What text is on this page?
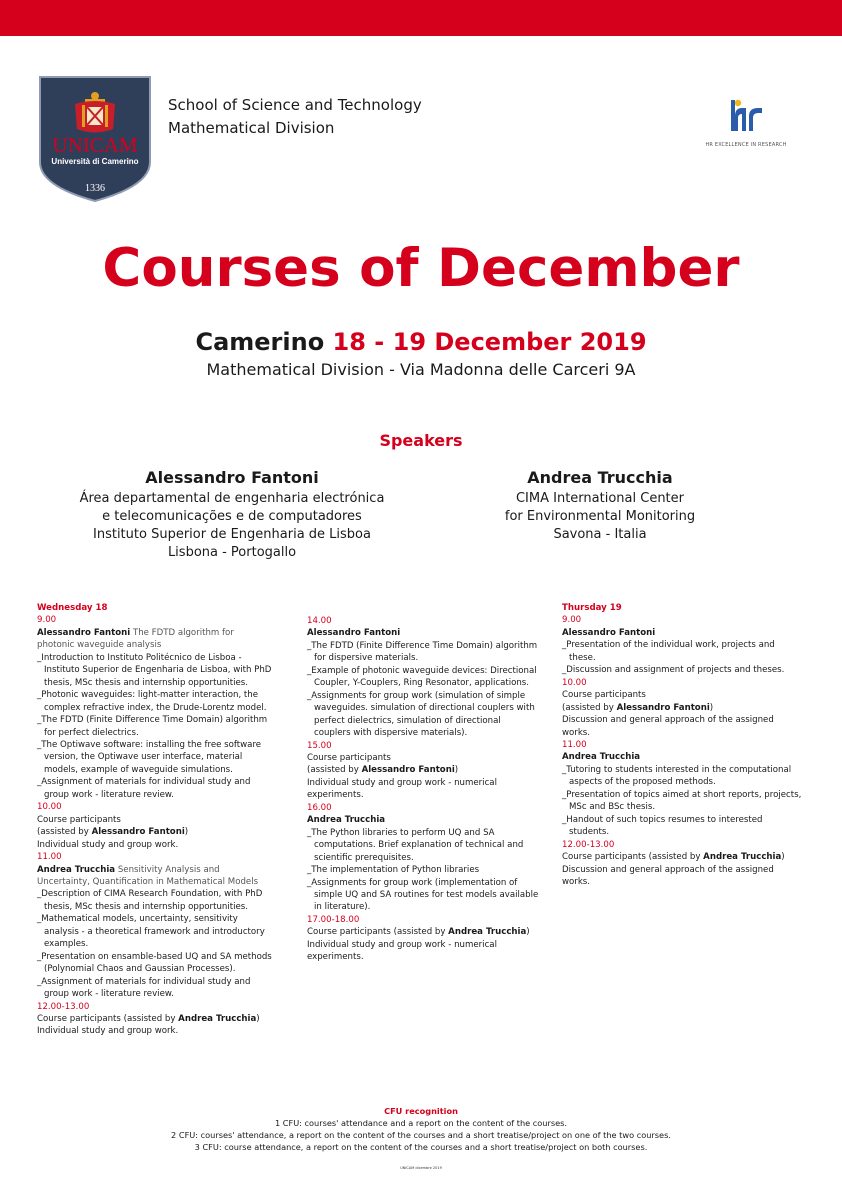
UNICAM
Università di Camerino
1336
School of Science and Technology
Mathematical Division
HR EXCELLENCE IN RESEARCH
Courses of December
Camerino 18 - 19 December 2019
Mathematical Division - Via Madonna delle Carceri 9A
Speakers
Alessandro Fantoni
Área departamental de engenharia electrónica
e telecomunicações e de computadores
Instituto Superior de Engenharia de Lisboa
Lisbona - Portogallo
Andrea Trucchia
CIMA International Center
for Environmental Monitoring
Savona - Italia
Wednesday 18
9.00
Alessandro Fantoni The FDTD algorithm for photonic waveguide analysis
_Introduction to Instituto Politécnico de Lisboa - Instituto Superior de Engenharia de Lisboa, with PhD thesis, MSc thesis and internship opportunities.
_Photonic waveguides: light-matter interaction, the complex refractive index, the Drude-Lorentz model.
_The FDTD (Finite Difference Time Domain) algorithm for perfect dielectrics.
_The Optiwave software: installing the free software version, the Optiwave user interface, material models, example of waveguide simulations.
_Assignment of materials for individual study and group work - literature review.
10.00
Course participants
(assisted by Alessandro Fantoni)
Individual study and group work.
11.00
Andrea Trucchia Sensitivity Analysis and Uncertainty, Quantification in Mathematical Models
_Description of CIMA Research Foundation, with PhD thesis, MSc thesis and internship opportunities.
_Mathematical models, uncertainty, sensitivity analysis - a theoretical framework and introductory examples.
_Presentation on ensamble-based UQ and SA methods (Polynomial Chaos and Gaussian Processes).
_Assignment of materials for individual study and group work - literature review.
12.00-13.00
Course participants (assisted by Andrea Trucchia)
Individual study and group work.
14.00
Alessandro Fantoni
_The FDTD (Finite Difference Time Domain) algorithm for dispersive materials.
_Example of photonic waveguide devices: Directional Coupler, Y-Couplers, Ring Resonator, applications.
_Assignments for group work (simulation of simple waveguides. simulation of directional couplers with perfect dielectrics, simulation of directional couplers with dispersive materials).
15.00
Course participants
(assisted by Alessandro Fantoni)
Individual study and group work - numerical experiments.
16.00
Andrea Trucchia
_The Python libraries to perform UQ and SA computations. Brief explanation of technical and scientific prerequisites.
_The implementation of Python libraries
_Assignments for group work (implementation of simple UQ and SA routines for test models available in literature).
17.00-18.00
Course participants (assisted by Andrea Trucchia)
Individual study and group work - numerical experiments.
Thursday 19
9.00
Alessandro Fantoni
_Presentation of the individual work, projects and these.
_Discussion and assignment of projects and theses.
10.00
Course participants
(assisted by Alessandro Fantoni)
Discussion and general approach of the assigned works.
11.00
Andrea Trucchia
_Tutoring to students interested in the computational aspects of the proposed methods.
_Presentation of topics aimed at short reports, projects, MSc and BSc thesis.
_Handout of such topics resumes to interested students.
12.00-13.00
Course participants (assisted by Andrea Trucchia)
Discussion and general approach of the assigned works.
CFU recognition
1 CFU: courses' attendance and a report on the content of the courses.
2 CFU: courses' attendance, a report on the content of the courses and a short treatise/project on one of the two courses.
3 CFU: course attendance, a report on the content of the courses and a short treatise/project on both courses.
UNICAM dicembre 2019
